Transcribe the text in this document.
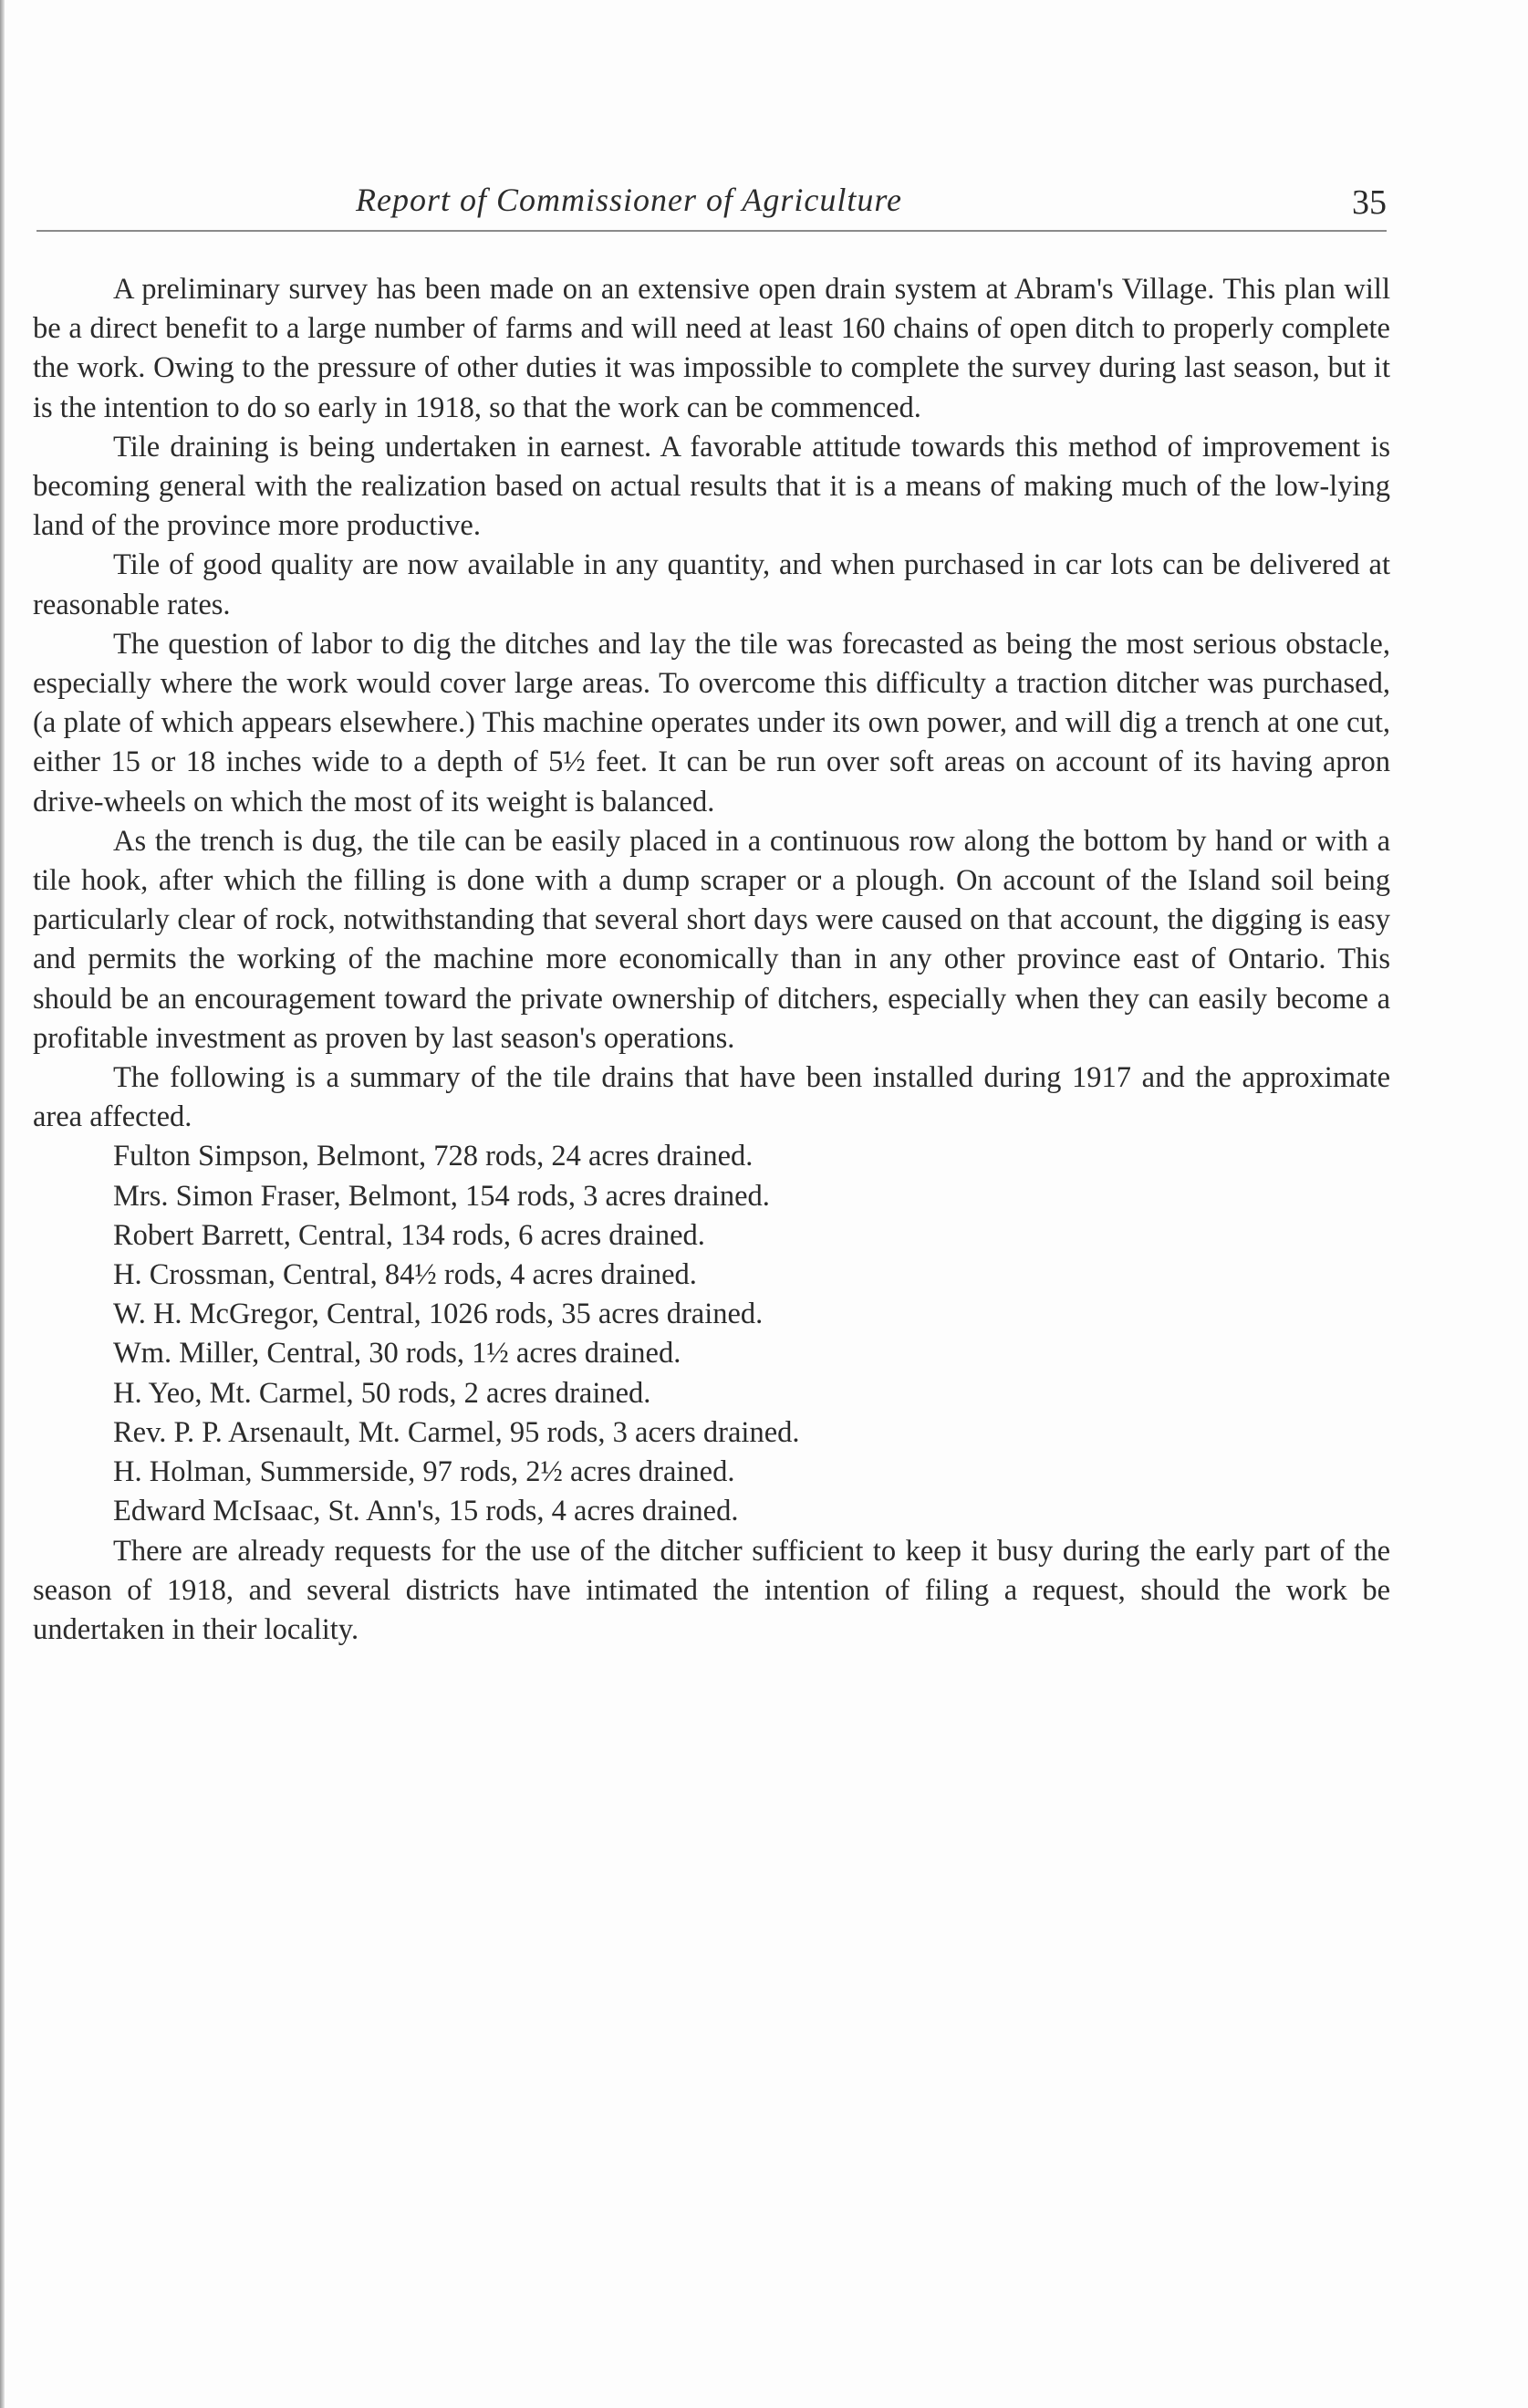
Report of Commissioner of Agriculture	35

A preliminary survey has been made on an extensive open drain system at Abram's Village. This plan will be a direct benefit to a large number of farms and will need at least 160 chains of open ditch to properly complete the work. Owing to the pressure of other duties it was impossible to complete the survey during last season, but it is the intention to do so early in 1918, so that the work can be commenced.

Tile draining is being undertaken in earnest. A favorable attitude towards this method of improvement is becoming general with the realization based on actual results that it is a means of making much of the low-lying land of the province more productive.

Tile of good quality are now available in any quantity, and when purchased in car lots can be delivered at reasonable rates.

The question of labor to dig the ditches and lay the tile was forecasted as being the most serious obstacle, especially where the work would cover large areas. To overcome this difficulty a traction ditcher was purchased, (a plate of which appears elsewhere.) This machine operates under its own power, and will dig a trench at one cut, either 15 or 18 inches wide to a depth of 5½ feet. It can be run over soft areas on account of its having apron drive-wheels on which the most of its weight is balanced.

As the trench is dug, the tile can be easily placed in a continuous row along the bottom by hand or with a tile hook, after which the filling is done with a dump scraper or a plough. On account of the Island soil being particularly clear of rock, notwithstanding that several short days were caused on that account, the digging is easy and permits the working of the machine more economically than in any other province east of Ontario. This should be an encouragement toward the private ownership of ditchers, especially when they can easily become a profitable investment as proven by last season's operations.

The following is a summary of the tile drains that have been installed during 1917 and the approximate area affected.

Fulton Simpson, Belmont, 728 rods, 24 acres drained.
Mrs. Simon Fraser, Belmont, 154 rods, 3 acres drained.
Robert Barrett, Central, 134 rods, 6 acres drained.
H. Crossman, Central, 84½ rods, 4 acres drained.
W. H. McGregor, Central, 1026 rods, 35 acres drained.
Wm. Miller, Central, 30 rods, 1½ acres drained.
H. Yeo, Mt. Carmel, 50 rods, 2 acres drained.
Rev. P. P. Arsenault, Mt. Carmel, 95 rods, 3 acers drained.
H. Holman, Summerside, 97 rods, 2½ acres drained.
Edward McIsaac, St. Ann's, 15 rods, 4 acres drained.

There are already requests for the use of the ditcher sufficient to keep it busy during the early part of the season of 1918, and several districts have intimated the intention of filing a request, should the work be undertaken in their locality.
